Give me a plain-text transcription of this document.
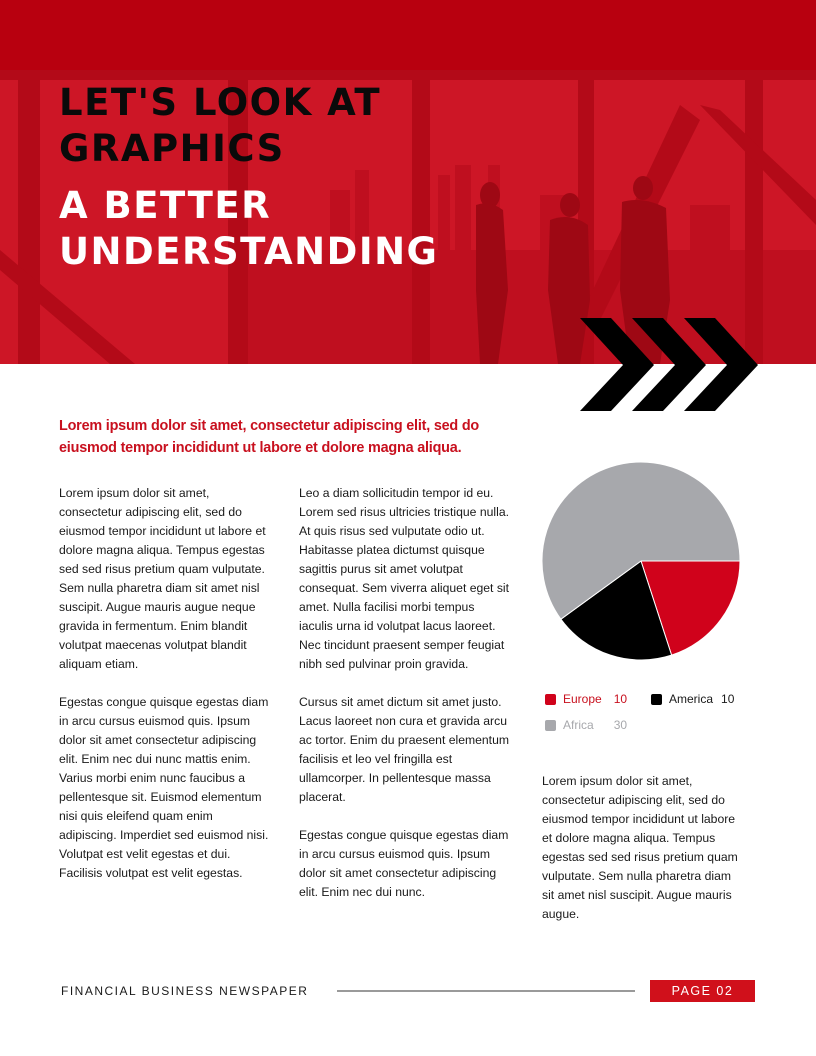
LET'S LOOK AT GRAPHICS
A BETTER UNDERSTANDING

Lorem ipsum dolor sit amet, consectetur adipiscing elit, sed do eiusmod tempor incididunt ut labore et dolore magna aliqua.

Lorem ipsum dolor sit amet, consectetur adipiscing elit, sed do eiusmod tempor incididunt ut labore et dolore magna aliqua. Tempus egestas sed sed risus pretium quam vulputate. Sem nulla pharetra diam sit amet nisl suscipit. Augue mauris augue neque gravida in fermentum. Enim blandit volutpat maecenas volutpat blandit aliquam etiam.

Egestas congue quisque egestas diam in arcu cursus euismod quis. Ipsum dolor sit amet consectetur adipiscing elit. Enim nec dui nunc mattis enim. Varius morbi enim nunc faucibus a pellentesque sit. Euismod elementum nisi quis eleifend quam enim adipiscing. Imperdiet sed euismod nisi. Volutpat est velit egestas et dui. Facilisis volutpat est velit egestas.

Leo a diam sollicitudin tempor id eu. Lorem sed risus ultricies tristique nulla. At quis risus sed vulputate odio ut. Habitasse platea dictumst quisque sagittis purus sit amet volutpat consequat. Sem viverra aliquet eget sit amet. Nulla facilisi morbi tempus iaculis urna id volutpat lacus laoreet. Nec tincidunt praesent semper feugiat nibh sed pulvinar proin gravida.

Cursus sit amet dictum sit amet justo. Lacus laoreet non cura et gravida arcu ac tortor. Enim du praesent elementum facilisis et leo vel fringilla est ullamcorper. In pellentesque massa placerat.

Egestas congue quisque egestas diam in arcu cursus euismod quis. Ipsum dolor sit amet consectetur adipiscing elit. Enim nec dui nunc.

Europe 10	America 10
Africa 30

Lorem ipsum dolor sit amet, consectetur adipiscing elit, sed do eiusmod tempor incididunt ut labore et dolore magna aliqua. Tempus egestas sed sed risus pretium quam vulputate. Sem nulla pharetra diam sit amet nisl suscipit. Augue mauris augue.

FINANCIAL BUSINESS NEWSPAPER	PAGE 02
